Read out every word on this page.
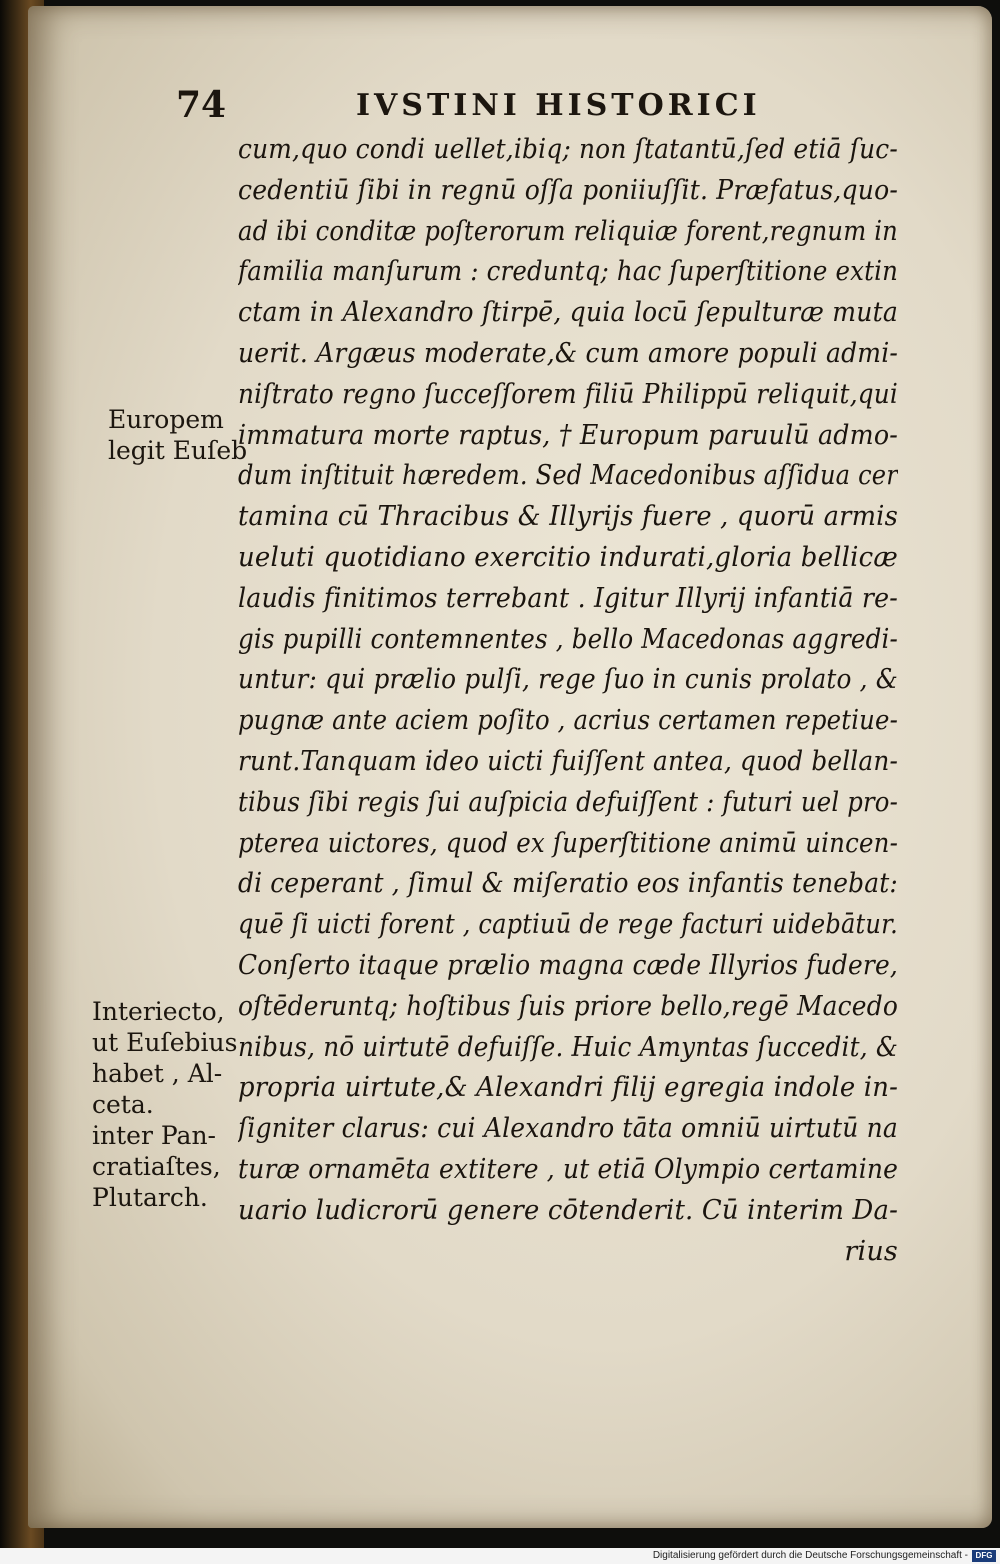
74	IVSTINI HISTORICI
cum,quo condi uellet,ibiq; non ſtatantū,ſed etiā ſuc-
cedentiū ſibi in regnū oſſa poniiuſſit. Præfatus,quo-
ad ibi conditæ poſterorum reliquiæ forent,regnum in
familia manſurum : creduntq; hac ſuperſtitione extin
ctam in Alexandro ſtirpē, quia locū ſepulturæ muta
uerit. Argæus moderate,& cum amore populi admi-
niſtrato regno ſucceſſorem filiū Philippū reliquit,qui
immatura morte raptus, † Europum paruulū admo-
dum inſtituit hæredem. Sed Macedonibus aſſidua cer
tamina cū Thracibus & Illyrijs fuere , quorū armis
ueluti quotidiano exercitio indurati,gloria bellicæ
laudis finitimos terrebant . Igitur Illyrij infantiā re-
gis pupilli contemnentes , bello Macedonas aggredi-
untur: qui prælio pulſi, rege ſuo in cunis prolato , &
pugnæ ante aciem poſito , acrius certamen repetiue-
runt.Tanquam ideo uicti fuiſſent antea, quod bellan-
tibus ſibi regis ſui auſpicia defuiſſent : futuri uel pro-
pterea uictores, quod ex ſuperſtitione animū uincen-
di ceperant , ſimul & miſeratio eos infantis tenebat:
quē ſi uicti forent , captiuū de rege facturi uidebātur.
Conſerto itaque prælio magna cæde Illyrios fudere,
oſtēderuntq; hoſtibus ſuis priore bello,regē Macedo
nibus, nō uirtutē defuiſſe. Huic Amyntas ſuccedit, &
propria uirtute,& Alexandri filij egregia indole in-
ſigniter clarus: cui Alexandro tāta omniū uirtutū na
turæ ornamēta extitere , ut etiā Olympio certamine
uario ludicrorū genere cōtenderit. Cū interim Da-
rius
Europem
legit Euſeb
Interiecto,
ut Euſebius
habet , Al-
ceta.
inter Pan-
cratiaſtes,
Plutarch.
Digitalisierung gefördert durch die Deutsche Forschungsgemeinschaft - DFG
